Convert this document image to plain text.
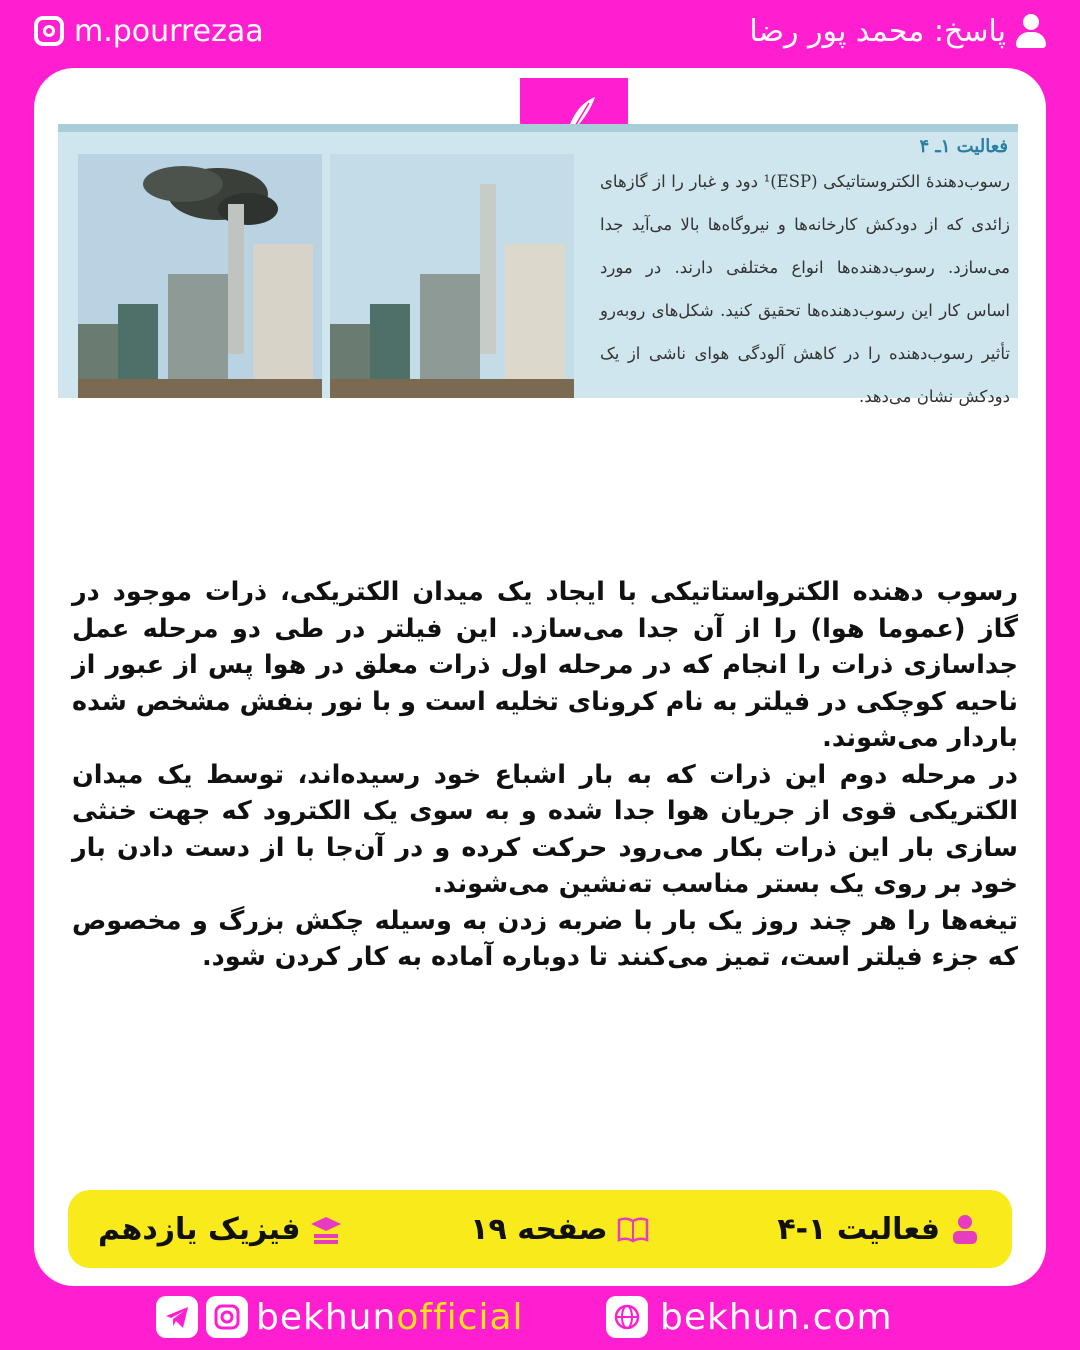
m.pourrezaa	پاسخ: محمد پور رضا
فعالیت ۱ـ ۴
رسوب‌دهندهٔ الکتروستاتیکی (ESP)¹ دود و غبار را از گازهای زائدی که از دودکش کارخانه‌ها و نیروگاه‌ها بالا می‌آید جدا می‌سازد. رسوب‌دهنده‌ها انواع مختلفی دارند. در مورد اساس کار این رسوب‌دهنده‌ها تحقیق کنید. شکل‌های روبه‌رو تأثیر رسوب‌دهنده را در کاهش آلودگی هوای ناشی از یک دودکش نشان می‌دهد.

رسوب دهنده الکترواستاتیکی با ایجاد یک میدان الکتریکی، ذرات موجود در گاز (عموما هوا) را از آن جدا می‌سازد. این فیلتر در طی دو مرحله عمل جداسازی ذرات را انجام که در مرحله اول ذرات معلق در هوا پس از عبور از ناحیه کوچکی در فیلتر به نام کرونای تخلیه است و با نور بنفش مشخص شده باردار می‌شوند.

در مرحله دوم این ذرات که به بار اشباع خود رسیده‌اند، توسط یک میدان الکتریکی قوی از جریان هوا جدا شده و به سوی یک الکترود که جهت خنثی سازی بار این ذرات بکار می‌رود حرکت کرده و در آن‌جا با از دست دادن بار خود بر روی یک بستر مناسب ته‌نشین می‌شوند.

تیغه‌ها را هر چند روز یک بار با ضربه زدن به وسیله چکش بزرگ و مخصوص که جزء فیلتر است، تمیز می‌کنند تا دوباره آماده به کار کردن شود.

فعالیت ۱-۴
صفحه ۱۹
فیزیک یازدهم
bekhunofficial	bekhun.com
